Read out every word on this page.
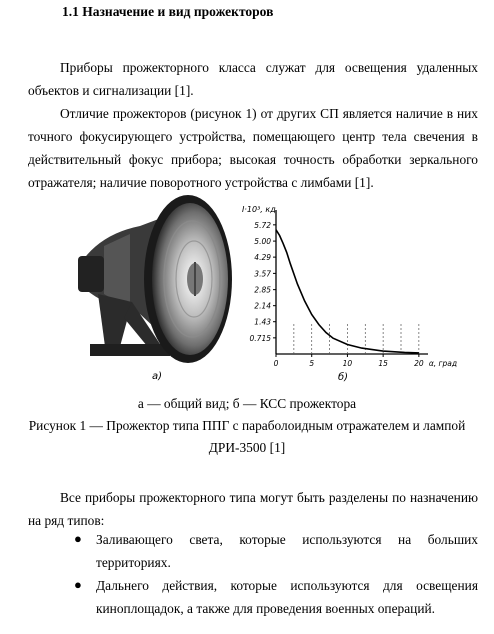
1.1 Назначение и вид прожекторов
Приборы прожекторного класса служат для освещения удаленных
объектов и сигнализации [1].
Отличие прожекторов (рисунок 1) от других СП является наличие в них
точного фокусирующего устройства, помещающего центр тела свечения в
действительный фокус прибора; высокая точность обработки зеркального
отражателя; наличие поворотного устройства с лимбами [1].
а)
I·10³, кд
5.72
5.00
4.29
3.57
2.85
2.14
1.43
0.715
0	5	10	15	20 α, град
б)
а — общий вид; б — КСС прожектора
Рисунок 1 — Прожектор типа ППГ с параболоидным отражателем и лампой
ДРИ-3500 [1]
Все приборы прожекторного типа могут быть разделены по назначению
на ряд типов:
● Заливающего света, которые используются на больших
территориях.
● Дальнего действия, которые используются для освещения
киноплощадок, а также для проведения военных операций.
